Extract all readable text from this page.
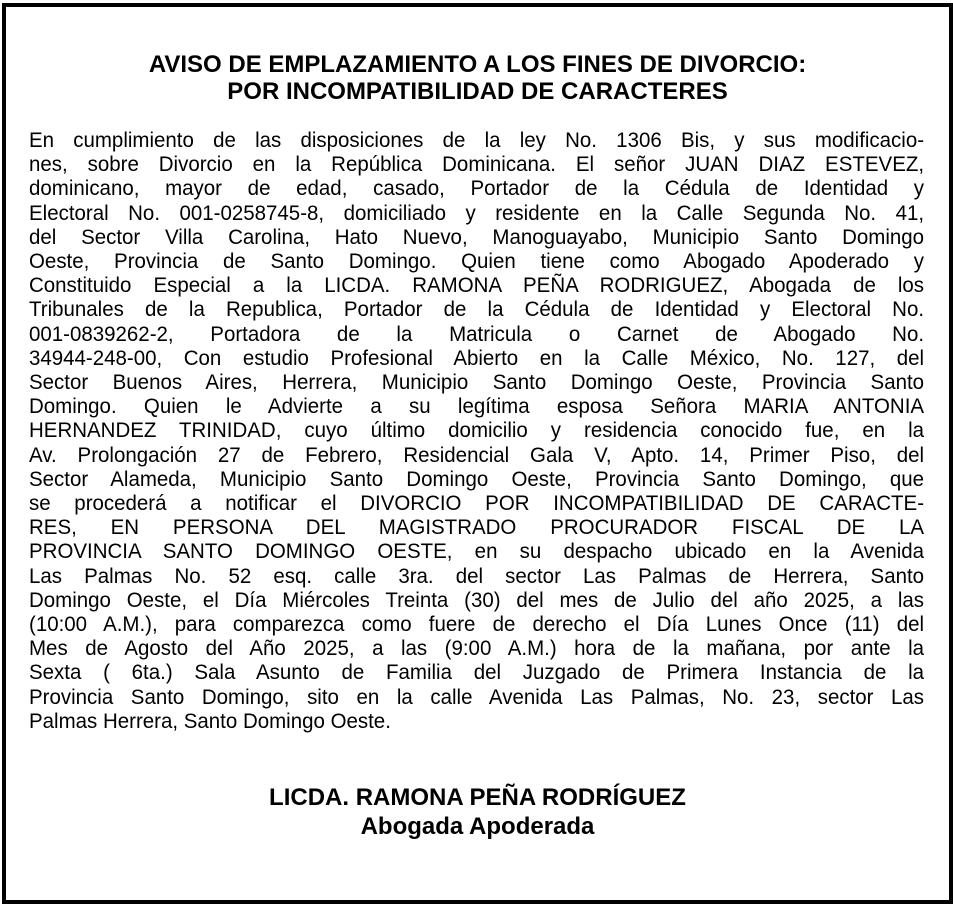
AVISO DE EMPLAZAMIENTO A LOS FINES DE DIVORCIO:
POR INCOMPATIBILIDAD DE CARACTERES
En cumplimiento de las disposiciones de la ley No. 1306 Bis, y sus modificacio-
nes, sobre Divorcio en la República Dominicana. El señor JUAN DIAZ ESTEVEZ,
dominicano, mayor de edad, casado, Portador de la Cédula de Identidad y
Electoral No. 001-0258745-8, domiciliado y residente en la Calle Segunda No. 41,
del Sector Villa Carolina, Hato Nuevo, Manoguayabo, Municipio Santo Domingo
Oeste, Provincia de Santo Domingo. Quien tiene como Abogado Apoderado y
Constituido Especial a la LICDA. RAMONA PEÑA RODRIGUEZ, Abogada de los
Tribunales de la Republica, Portador de la Cédula de Identidad y Electoral No.
001-0839262-2, Portadora de la Matricula o Carnet de Abogado No.
34944-248-00, Con estudio Profesional Abierto en la Calle México, No. 127, del
Sector Buenos Aires, Herrera, Municipio Santo Domingo Oeste, Provincia Santo
Domingo. Quien le Advierte a su legítima esposa Señora MARIA ANTONIA
HERNANDEZ TRINIDAD, cuyo último domicilio y residencia conocido fue, en la
Av. Prolongación 27 de Febrero, Residencial Gala V, Apto. 14, Primer Piso, del
Sector Alameda, Municipio Santo Domingo Oeste, Provincia Santo Domingo, que
se procederá a notificar el DIVORCIO POR INCOMPATIBILIDAD DE CARACTE-
RES, EN PERSONA DEL MAGISTRADO PROCURADOR FISCAL DE LA
PROVINCIA SANTO DOMINGO OESTE, en su despacho ubicado en la Avenida
Las Palmas No. 52 esq. calle 3ra. del sector Las Palmas de Herrera, Santo
Domingo Oeste, el Día Miércoles Treinta (30) del mes de Julio del año 2025, a las
(10:00 A.M.), para comparezca como fuere de derecho el Día Lunes Once (11) del
Mes de Agosto del Año 2025, a las (9:00 A.M.) hora de la mañana, por ante la
Sexta ( 6ta.) Sala Asunto de Familia del Juzgado de Primera Instancia de la
Provincia Santo Domingo, sito en la calle Avenida Las Palmas, No. 23, sector Las
Palmas Herrera, Santo Domingo Oeste.
LICDA. RAMONA PEÑA RODRÍGUEZ
Abogada Apoderada
